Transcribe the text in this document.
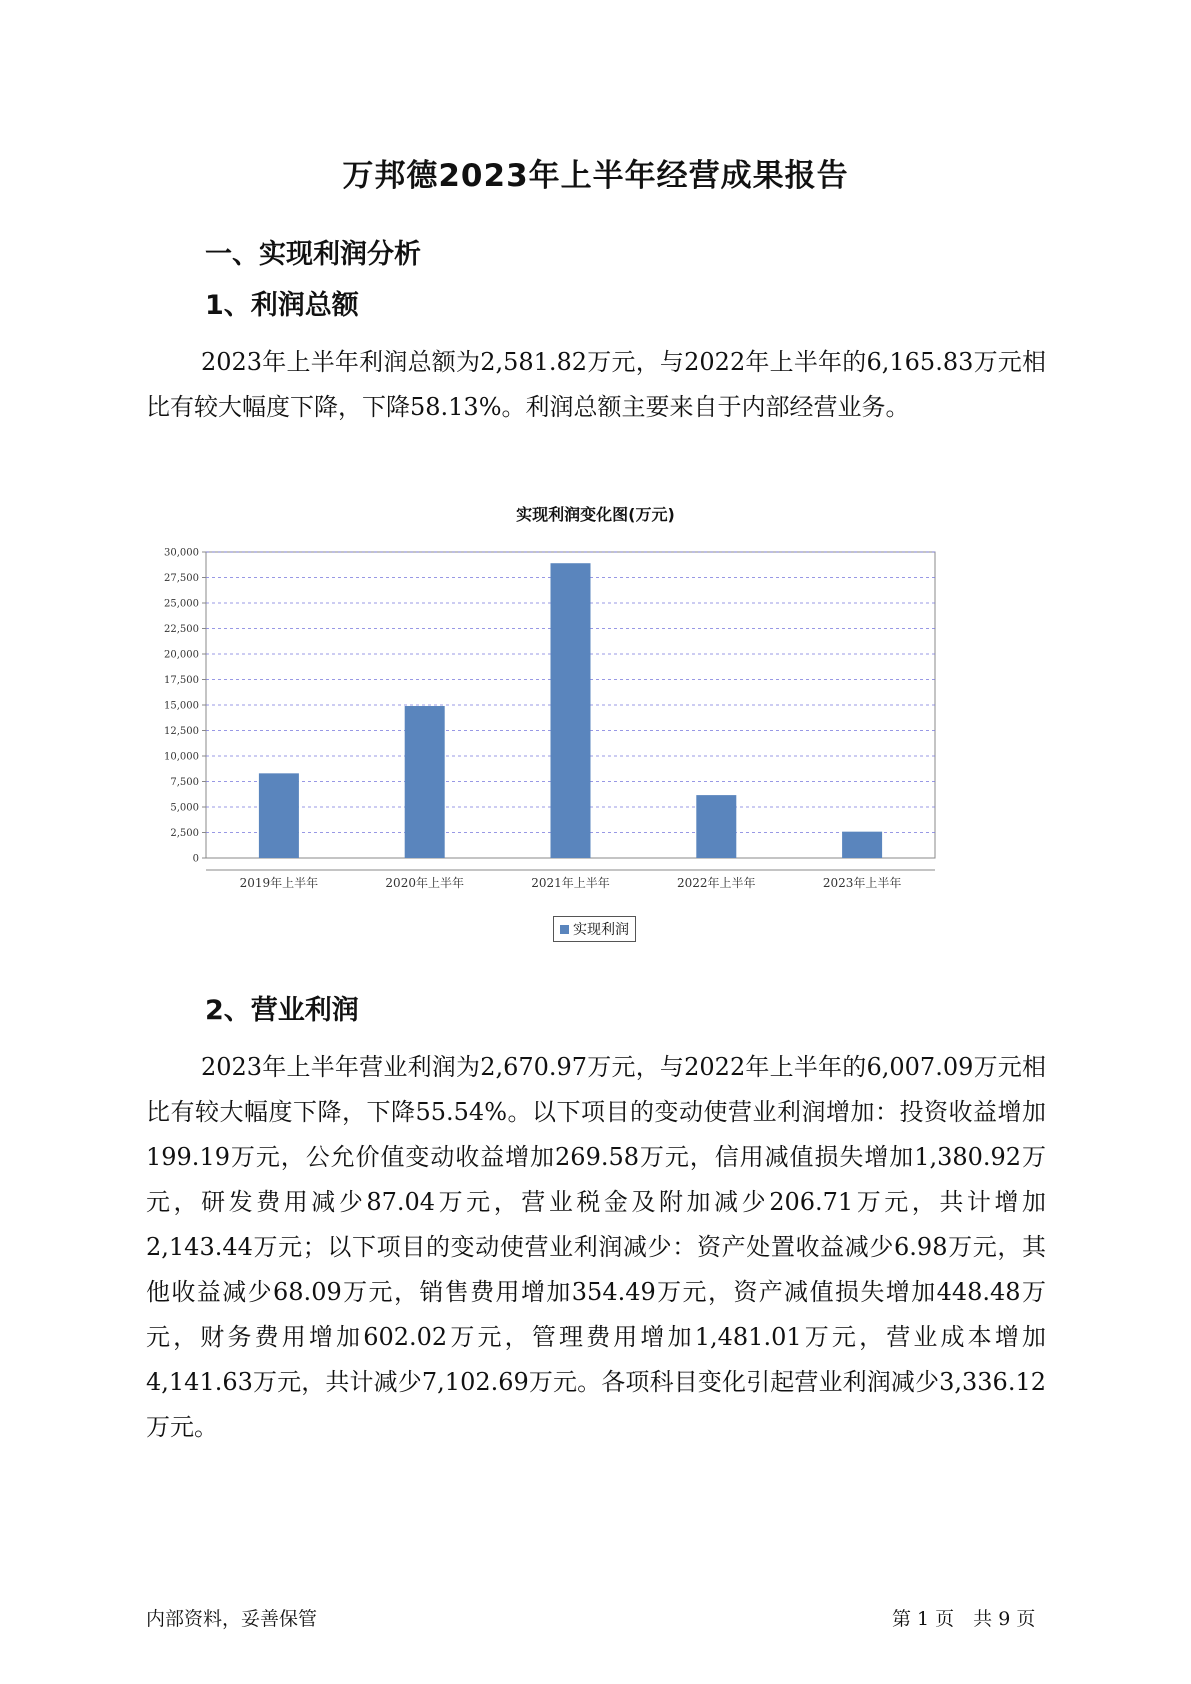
万邦德2023年上半年经营成果报告
一、实现利润分析
1、利润总额
2023年上半年利润总额为2,581.82万元，与2022年上半年的6,165.83万元相比有较大幅度下降，下降58.13%。利润总额主要来自于内部经营业务。
实现利润变化图(万元)
0
2,500
5,000
7,500
10,000
12,500
15,000
17,500
20,000
22,500
25,000
27,500
30,000
2019年上半年	2020年上半年	2021年上半年	2022年上半年	2023年上半年
实现利润
2、营业利润
2023年上半年营业利润为2,670.97万元，与2022年上半年的6,007.09万元相比有较大幅度下降，下降55.54%。以下项目的变动使营业利润增加：投资收益增加199.19万元，公允价值变动收益增加269.58万元，信用减值损失增加1,380.92万元，研发费用减少87.04万元，营业税金及附加减少206.71万元，共计增加2,143.44万元；以下项目的变动使营业利润减少：资产处置收益减少6.98万元，其他收益减少68.09万元，销售费用增加354.49万元，资产减值损失增加448.48万元，财务费用增加602.02万元，管理费用增加1,481.01万元，营业成本增加4,141.63万元，共计减少7,102.69万元。各项科目变化引起营业利润减少3,336.12万元。
内部资料，妥善保管	第 1 页　共 9 页
